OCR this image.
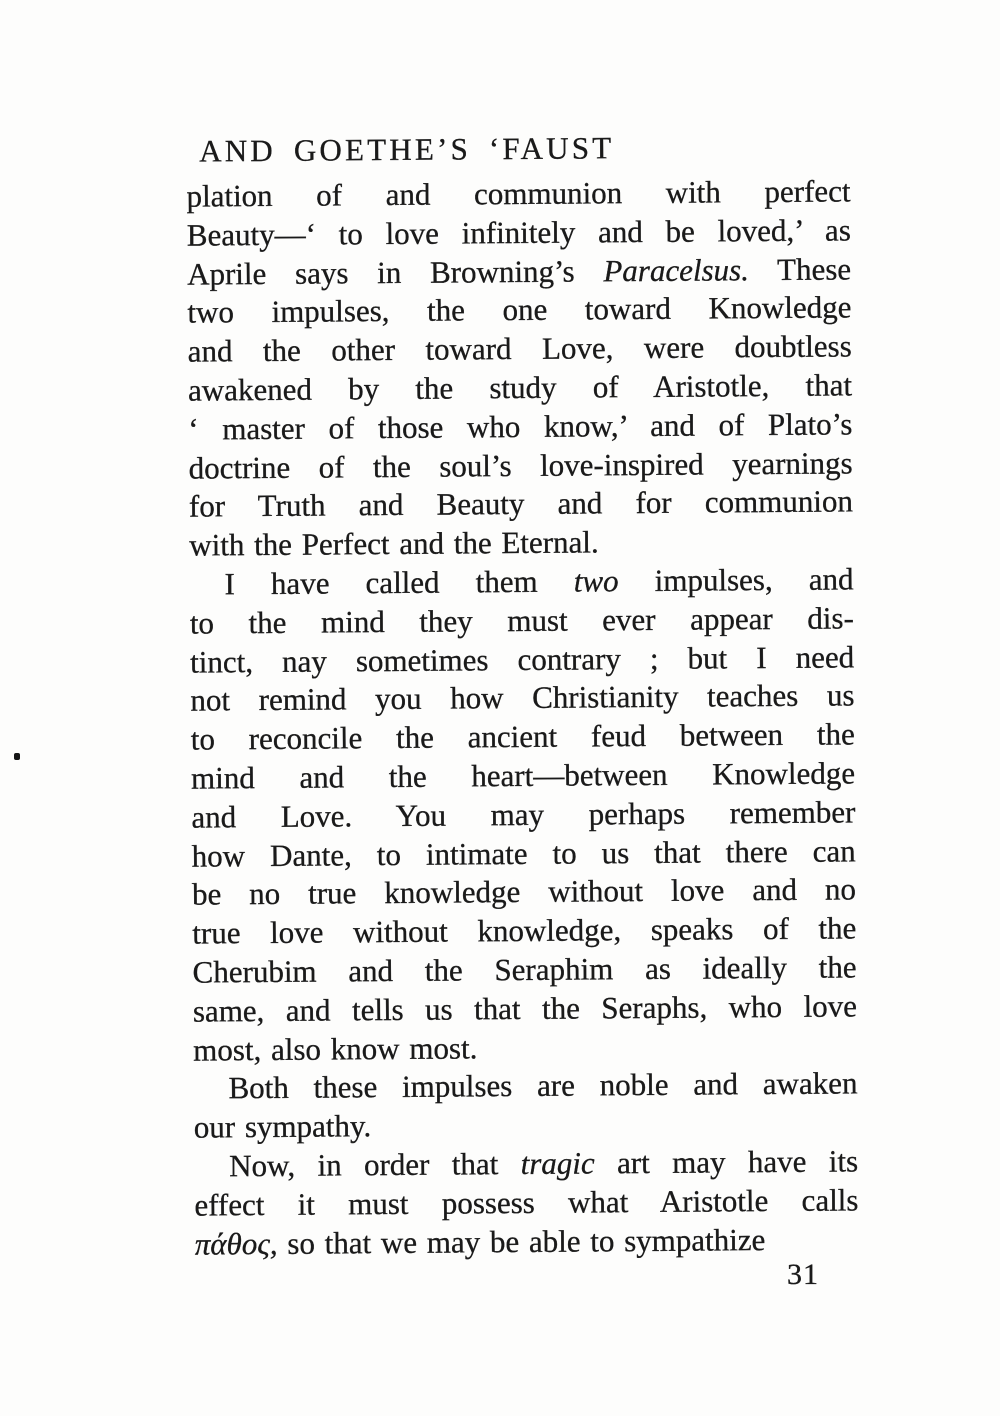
AND GOETHE’S ‘FAUST
plation of and communion with perfect
Beauty—‘ to love infinitely and be loved,’ as
Aprile says in Browning’s Paracelsus. These
two impulses, the one toward Knowledge
and the other toward Love, were doubtless
awakened by the study of Aristotle, that
‘ master of those who know,’ and of Plato’s
doctrine of the soul’s love-inspired yearnings
for Truth and Beauty and for communion
with the Perfect and the Eternal.
I have called them two impulses, and
to the mind they must ever appear dis-
tinct, nay sometimes contrary ; but I need
not remind you how Christianity teaches us
to reconcile the ancient feud between the
mind and the heart—between Knowledge
and Love. You may perhaps remember
how Dante, to intimate to us that there can
be no true knowledge without love and no
true love without knowledge, speaks of the
Cherubim and the Seraphim as ideally the
same, and tells us that the Seraphs, who love
most, also know most.
Both these impulses are noble and awaken
our sympathy.
Now, in order that tragic art may have its
effect it must possess what Aristotle calls
πάθος, so that we may be able to sympathize
31
